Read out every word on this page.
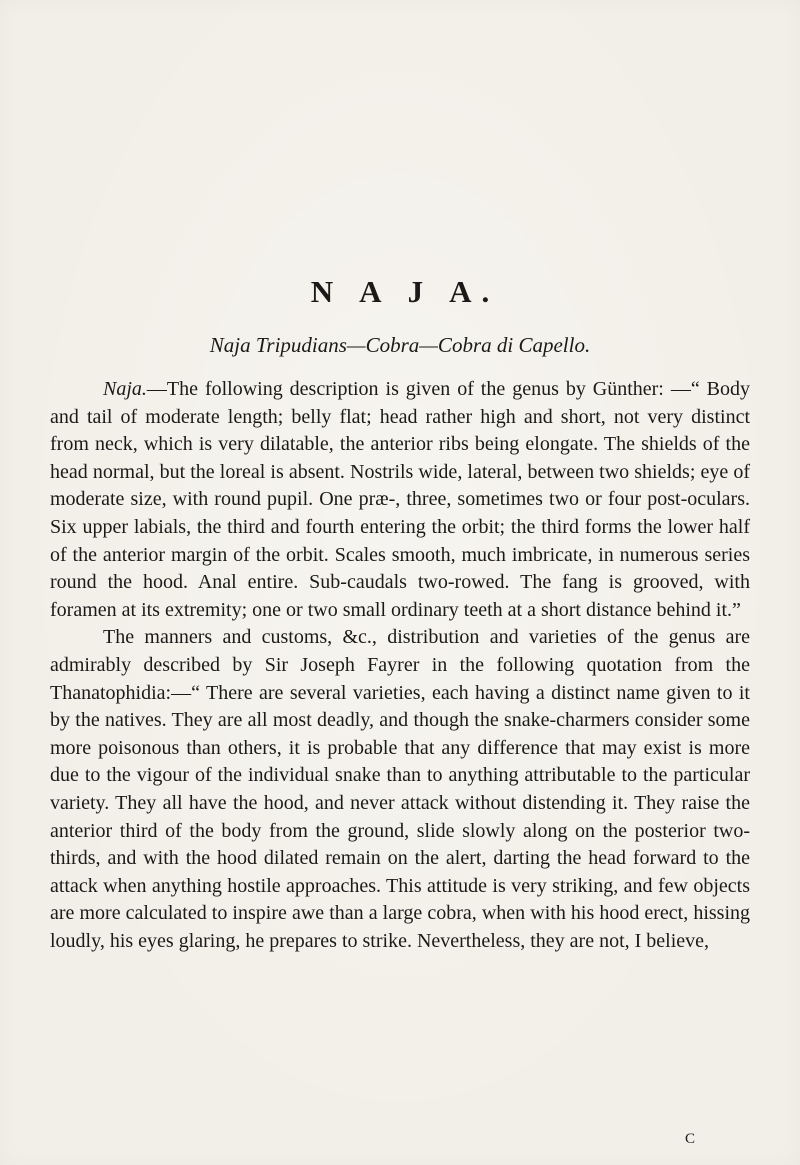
N A J A.
Naja Tripudians—Cobra—Cobra di Capello.

Naja.—The following description is given of the genus by Günther: —“ Body and tail of moderate length; belly flat; head rather high and short, not very distinct from neck, which is very dilatable, the anterior ribs being elongate. The shields of the head normal, but the loreal is absent. Nostrils wide, lateral, between two shields; eye of moderate size, with round pupil. One præ-, three, sometimes two or four post-oculars. Six upper labials, the third and fourth entering the orbit; the third forms the lower half of the anterior margin of the orbit. Scales smooth, much imbricate, in numerous series round the hood. Anal entire. Sub-caudals two-rowed. The fang is grooved, with foramen at its extremity; one or two small ordinary teeth at a short distance behind it.”

The manners and customs, &c., distribution and varieties of the genus are admirably described by Sir Joseph Fayrer in the following quotation from the Thanatophidia:—“ There are several varieties, each having a distinct name given to it by the natives. They are all most deadly, and though the snake-charmers consider some more poisonous than others, it is probable that any difference that may exist is more due to the vigour of the individual snake than to anything attributable to the particular variety. They all have the hood, and never attack without distending it. They raise the anterior third of the body from the ground, slide slowly along on the posterior two-thirds, and with the hood dilated remain on the alert, darting the head forward to the attack when anything hostile approaches. This attitude is very striking, and few objects are more calculated to inspire awe than a large cobra, when with his hood erect, hissing loudly, his eyes glaring, he prepares to strike. Nevertheless, they are not, I believe,

C
